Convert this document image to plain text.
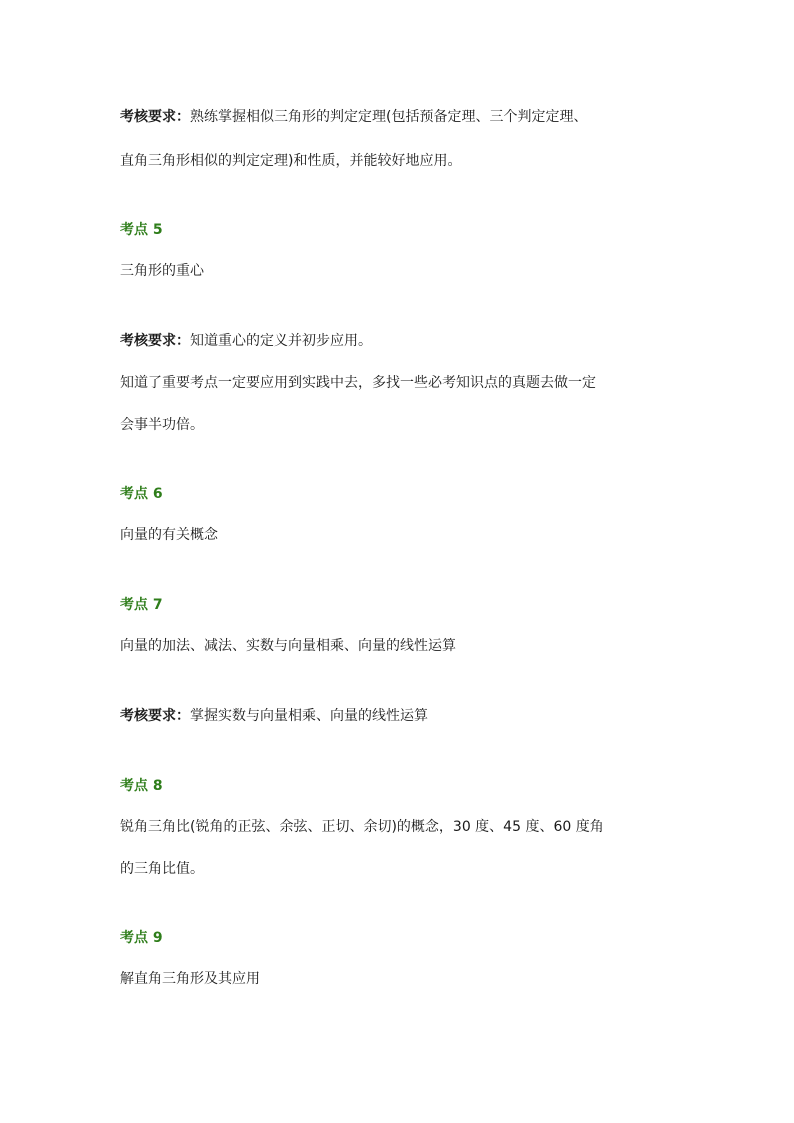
考核要求：熟练掌握相似三角形的判定定理(包括预备定理、三个判定定理、
直角三角形相似的判定定理)和性质，并能较好地应用。
考点 5
三角形的重心
考核要求：知道重心的定义并初步应用。
知道了重要考点一定要应用到实践中去，多找一些必考知识点的真题去做一定
会事半功倍。
考点 6
向量的有关概念
考点 7
向量的加法、减法、实数与向量相乘、向量的线性运算
考核要求：掌握实数与向量相乘、向量的线性运算
考点 8
锐角三角比(锐角的正弦、余弦、正切、余切)的概念，30 度、45 度、60 度角
的三角比值。
考点 9
解直角三角形及其应用
